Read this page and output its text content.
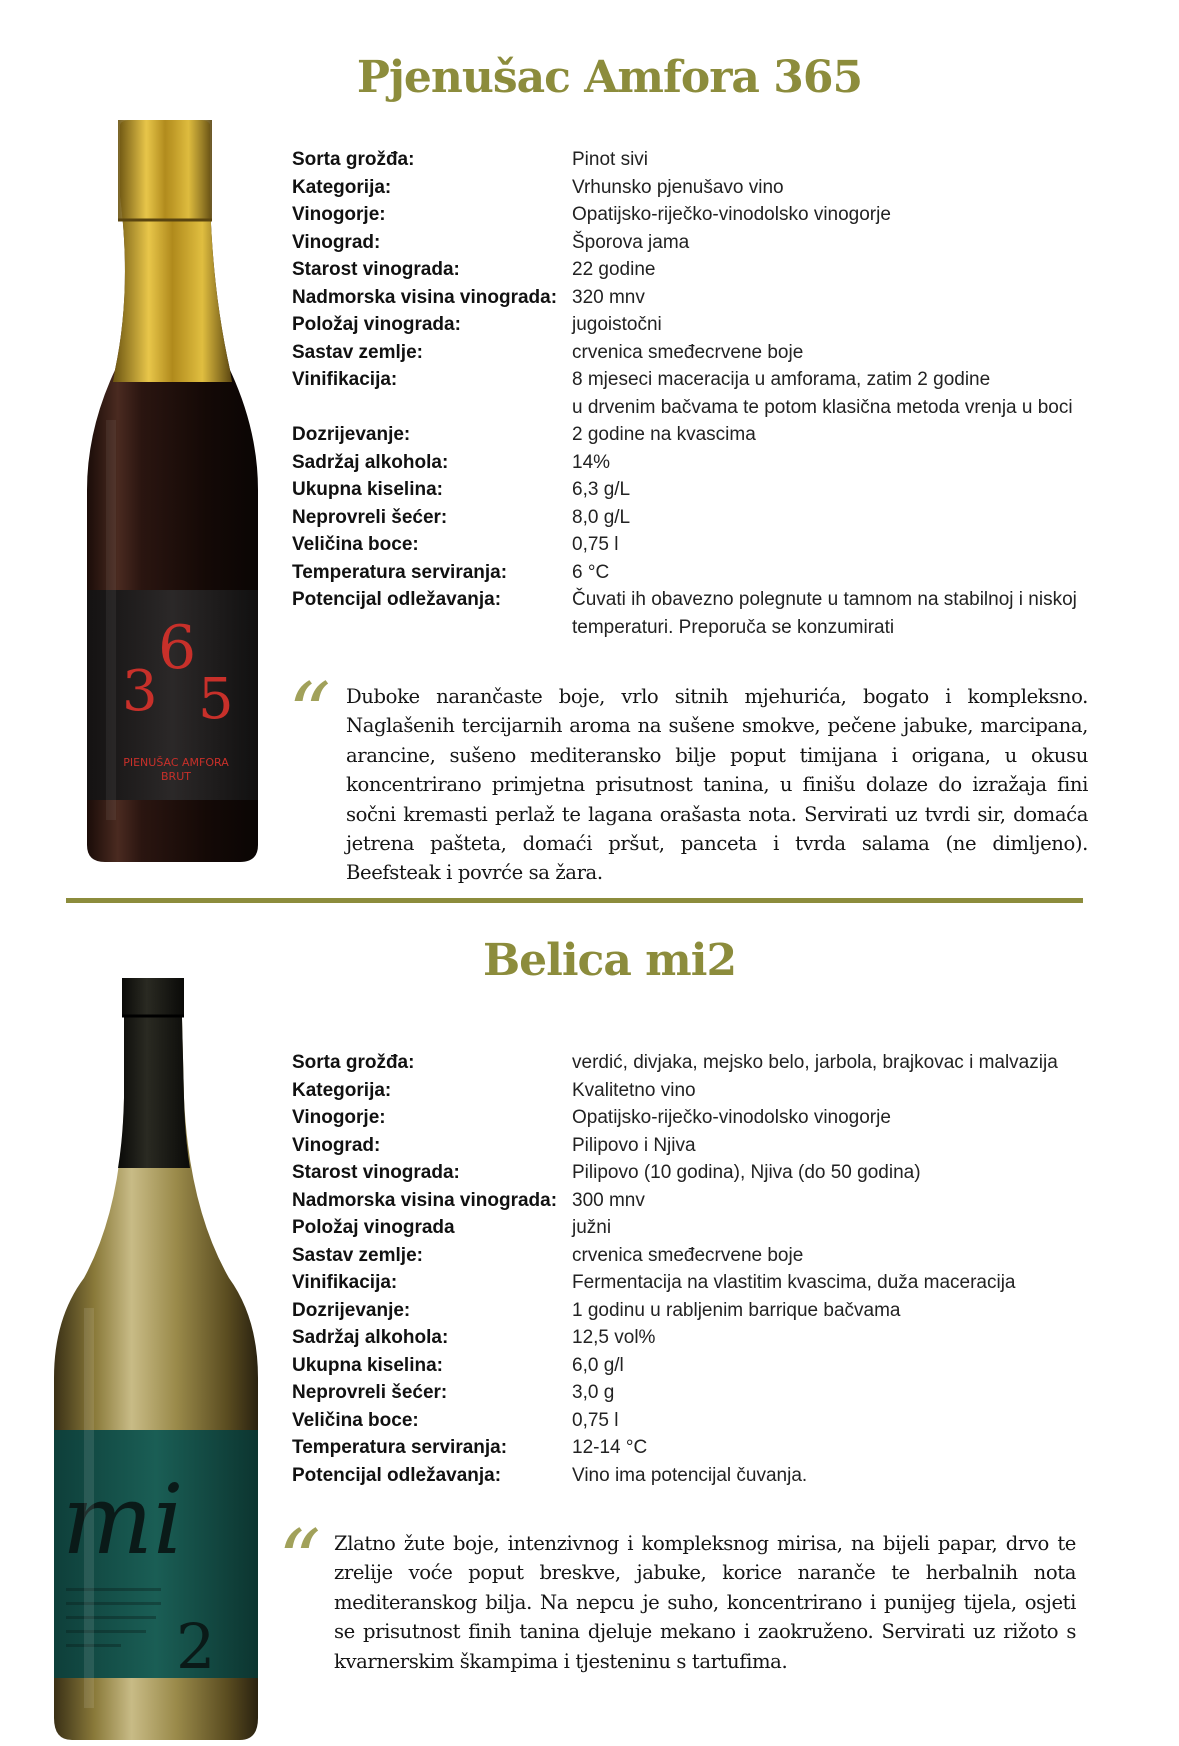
Pjenušac Amfora 365
3
6
5
PIENUŠAC AMFORA
BRUT
Sorta grožđa:	Pinot sivi
Kategorija:	Vrhunsko pjenušavo vino
Vinogorje:	Opatijsko-riječko-vinodolsko vinogorje
Vinograd:	Šporova jama
Starost vinograda:	22 godine
Nadmorska visina vinograda: 320 mnv
Položaj vinograda:	jugoistočni
Sastav zemlje:	crvenica smeđecrvene boje
Vinifikacija:	8 mjeseci maceracija u amforama, zatim 2 godine
u drvenim bačvama te potom klasična metoda vrenja u boci
Dozrijevanje:	2 godine na kvascima
Sadržaj alkohola:	14%
Ukupna kiselina:	6,3 g/L
Neprovreli šećer:	8,0 g/L
Veličina boce:	0,75 l
Temperatura serviranja:	6 °C
Potencijal odležavanja:	Čuvati ih obavezno polegnute u tamnom na stabilnoj i niskoj
temperaturi. Preporuča se konzumirati
“ Duboke narančaste boje, vrlo sitnih mjehurića, bogato i kompleksno. Naglašenih tercijarnih aroma na sušene smokve, pečene jabuke, marcipana, arancine, sušeno mediteransko bilje poput timijana i origana, u okusu koncentrirano primjetna prisutnost tanina, u finišu dolaze do izražaja fini sočni kremasti perlaž te lagana orašasta nota. Servirati uz tvrdi sir, domaća jetrena pašteta, domaći pršut, panceta i tvrda salama (ne dimljeno). Beefsteak i povrće sa žara.
Belica mi2
mi
2
Sorta grožđa:	verdić, divjaka, mejsko belo, jarbola, brajkovac i malvazija
Kategorija:	Kvalitetno vino
Vinogorje:	Opatijsko-riječko-vinodolsko vinogorje
Vinograd:	Pilipovo i Njiva
Starost vinograda:	Pilipovo (10 godina), Njiva (do 50 godina)
Nadmorska visina vinograda: 300 mnv
Položaj vinograda	južni
Sastav zemlje:	crvenica smeđecrvene boje
Vinifikacija:	Fermentacija na vlastitim kvascima, duža maceracija
Dozrijevanje:	1 godinu u rabljenim barrique bačvama
Sadržaj alkohola:	12,5 vol%
Ukupna kiselina:	6,0 g/l
Neprovreli šećer:	3,0 g
Veličina boce:	0,75 l
Temperatura serviranja:	12-14 °C
Potencijal odležavanja:	Vino ima potencijal čuvanja.
“ Zlatno žute boje, intenzivnog i kompleksnog mirisa, na bijeli papar, drvo te zrelije voće poput breskve, jabuke, korice naranče te herbalnih nota mediteranskog bilja. Na nepcu je suho, koncentrirano i punijeg tijela, osjeti se prisutnost finih tanina djeluje mekano i zaokruženo. Servirati uz rižoto s kvarnerskim škampima i tjesteninu s tartufima.
